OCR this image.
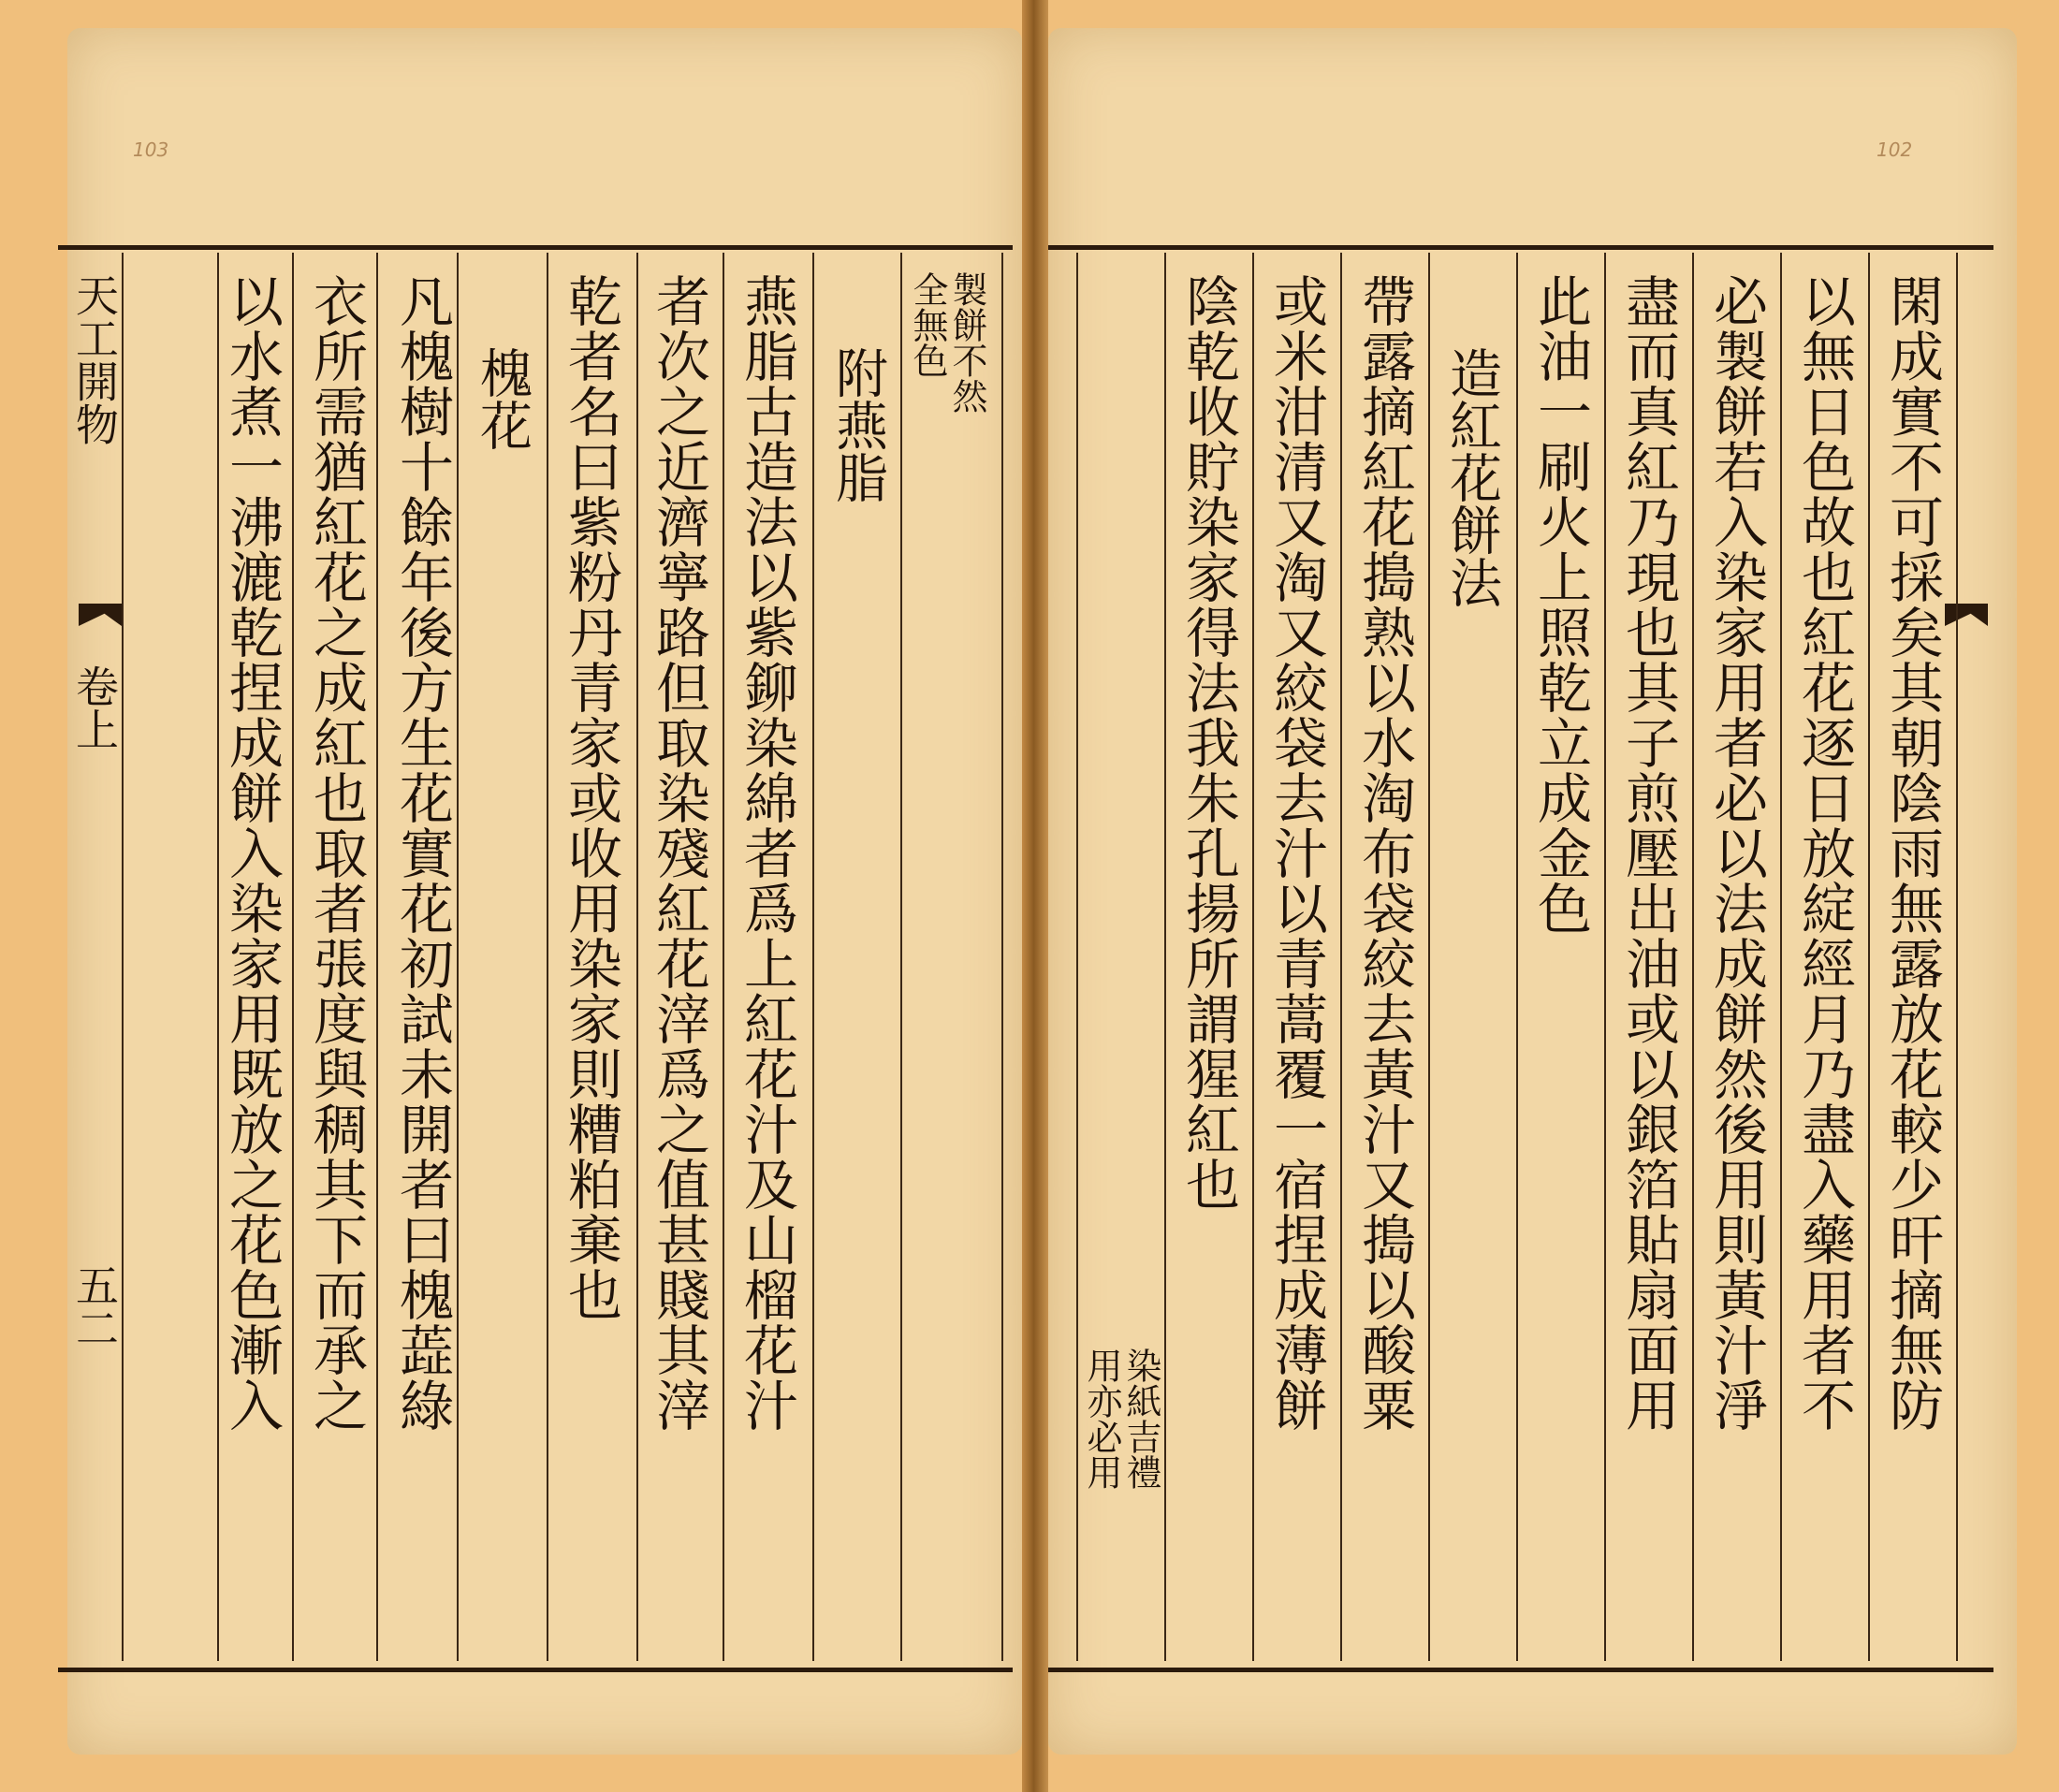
103
天工開物
卷上
五二
製餅不然
全無色
附燕脂
燕脂古造法以紫鉚染綿者爲上紅花汁及山榴花汁
者次之近濟寧路但取染殘紅花滓爲之值甚賤其滓
乾者名曰紫粉丹青家或收用染家則糟粕棄也
槐花
凡槐樹十餘年後方生花實花初試未開者曰槐蕋綠
衣所需猶紅花之成紅也取者張度與稠其下而承之
以水煮一沸漉乾捏成餅入染家用既放之花色漸入
102
閑成實不可採矣其朝陰雨無露放花較少旰摘無防
以無日色故也紅花逐日放綻經月乃盡入藥用者不
必製餅若入染家用者必以法成餅然後用則黃汁淨
盡而真紅乃現也其子煎壓出油或以銀箔貼扇面用
此油一刷火上照乾立成金色
造紅花餅法
帶露摘紅花搗熟以水淘布袋絞去黃汁又搗以酸粟
或米泔清又淘又絞袋去汁以青蒿覆一宿捏成薄餅
陰乾收貯染家得法我朱孔揚所謂猩紅也
染紙吉禮
用亦必用
